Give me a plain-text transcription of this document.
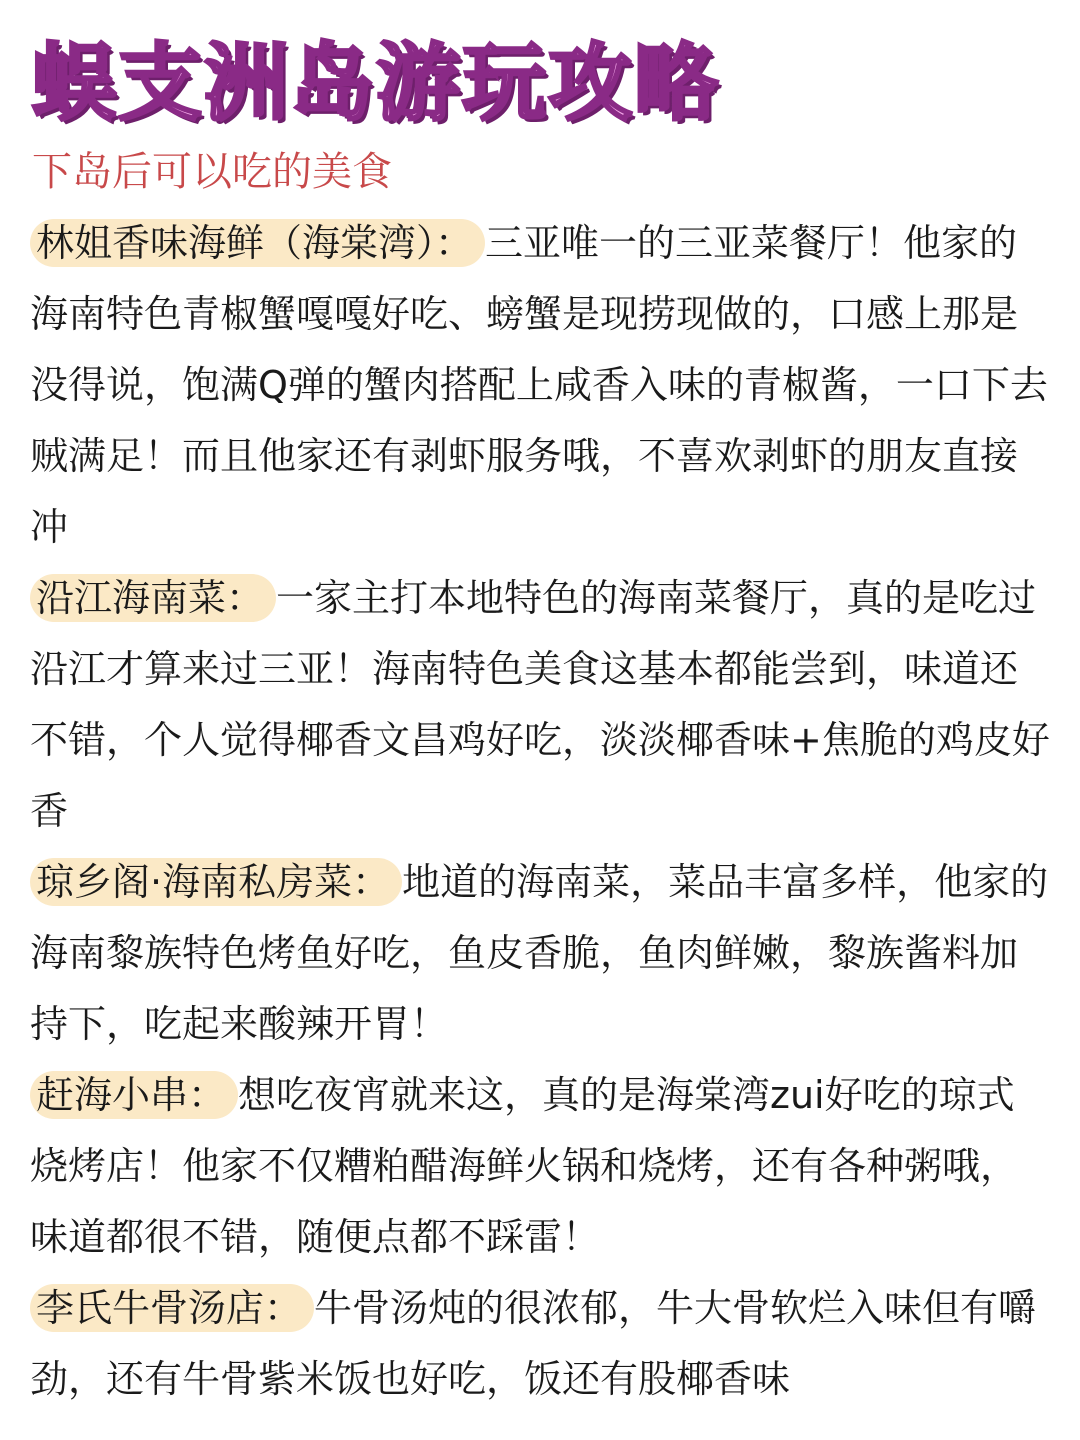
蜈支洲岛游玩攻略
下岛后可以吃的美食

林姐香味海鲜（海棠湾）： 三亚唯一的三亚菜餐厅！他家的海南特色青椒蟹嘎嘎好吃、螃蟹是现捞现做的，口感上那是没得说，饱满Q弹的蟹肉搭配上咸香入味的青椒酱，一口下去贼满足！而且他家还有剥虾服务哦，不喜欢剥虾的朋友直接冲

沿江海南菜： 一家主打本地特色的海南菜餐厅，真的是吃过沿江才算来过三亚！海南特色美食这基本都能尝到，味道还不错，个人觉得椰香文昌鸡好吃，淡淡椰香味+焦脆的鸡皮好香

琼乡阁·海南私房菜： 地道的海南菜，菜品丰富多样，他家的海南黎族特色烤鱼好吃，鱼皮香脆，鱼肉鲜嫩，黎族酱料加持下，吃起来酸辣开胃！

赶海小串： 想吃夜宵就来这，真的是海棠湾zui好吃的琼式烧烤店！他家不仅糟粕醋海鲜火锅和烧烤，还有各种粥哦，味道都很不错，随便点都不踩雷！

李氏牛骨汤店： 牛骨汤炖的很浓郁，牛大骨软烂入味但有嚼劲，还有牛骨紫米饭也好吃，饭还有股椰香味
